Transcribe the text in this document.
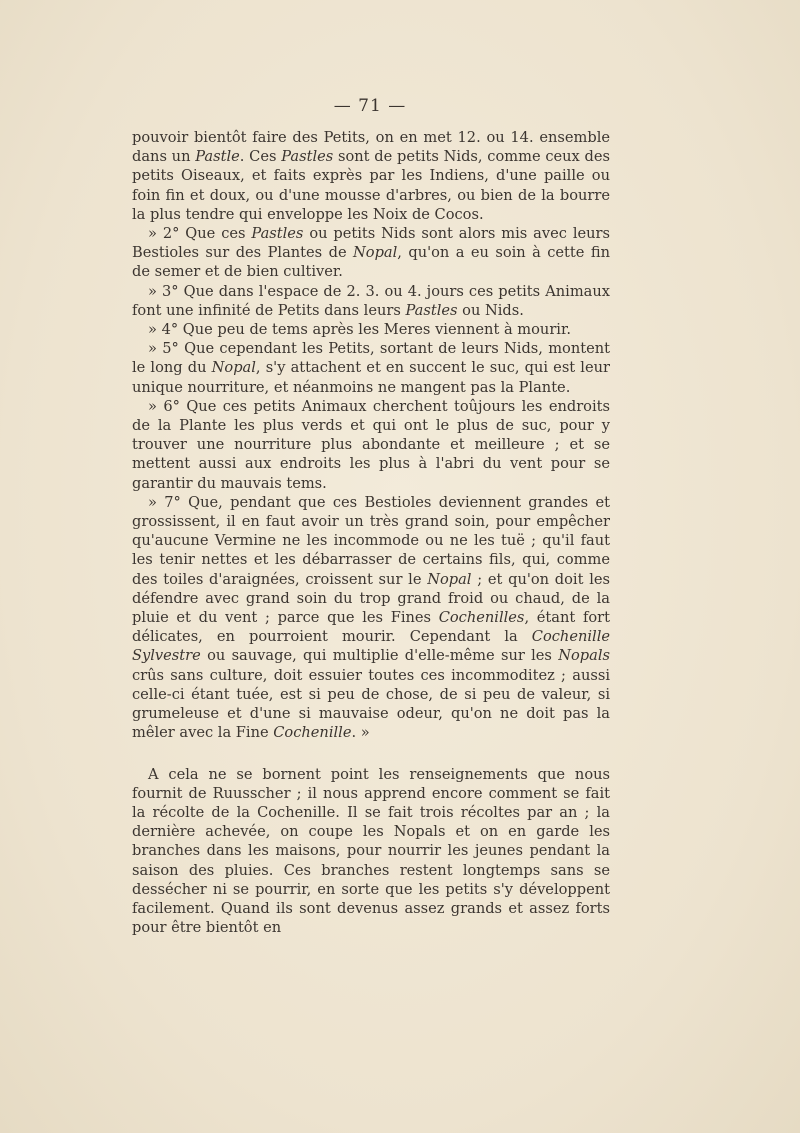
— 71 —

pouvoir bientôt faire des Petits, on en met 12. ou 14. ensemble dans un Pastle. Ces Pastles sont de petits Nids, comme ceux des petits Oiseaux, et faits exprès par les Indiens, d'une paille ou foin fin et doux, ou d'une mousse d'arbres, ou bien de la bourre la plus tendre qui enveloppe les Noix de Cocos.

» 2° Que ces Pastles ou petits Nids sont alors mis avec leurs Bestioles sur des Plantes de Nopal, qu'on a eu soin à cette fin de semer et de bien cultiver.

» 3° Que dans l'espace de 2. 3. ou 4. jours ces petits Animaux font une infinité de Petits dans leurs Pastles ou Nids.

» 4° Que peu de tems après les Meres viennent à mourir.

» 5° Que cependant les Petits, sortant de leurs Nids, montent le long du Nopal, s'y attachent et en succent le suc, qui est leur unique nourriture, et néanmoins ne mangent pas la Plante.

» 6° Que ces petits Animaux cherchent toûjours les endroits de la Plante les plus verds et qui ont le plus de suc, pour y trouver une nourriture plus abondante et meilleure ; et se mettent aussi aux endroits les plus à l'abri du vent pour se garantir du mauvais tems.

» 7° Que, pendant que ces Bestioles deviennent grandes et grossissent, il en faut avoir un très grand soin, pour empêcher qu'aucune Vermine ne les incommode ou ne les tuë ; qu'il faut les tenir nettes et les débarrasser de certains fils, qui, comme des toiles d'araignées, croissent sur le Nopal ; et qu'on doit les défendre avec grand soin du trop grand froid ou chaud, de la pluie et du vent ; parce que les Fines Cochenilles, étant fort délicates, en pourroient mourir. Cependant la Cochenille Sylvestre ou sauvage, qui multiplie d'elle-même sur les Nopals crûs sans culture, doit essuier toutes ces incommoditez ; aussi celle-ci étant tuée, est si peu de chose, de si peu de valeur, si grumeleuse et d'une si mauvaise odeur, qu'on ne doit pas la mêler avec la Fine Cochenille. »

A cela ne se bornent point les renseignements que nous fournit de Ruusscher ; il nous apprend encore comment se fait la récolte de la Cochenille. Il se fait trois récoltes par an ; la dernière achevée, on coupe les Nopals et on en garde les branches dans les maisons, pour nourrir les jeunes pendant la saison des pluies. Ces branches restent longtemps sans se dessécher ni se pourrir, en sorte que les petits s'y développent facilement. Quand ils sont devenus assez grands et assez forts pour être bientôt en
